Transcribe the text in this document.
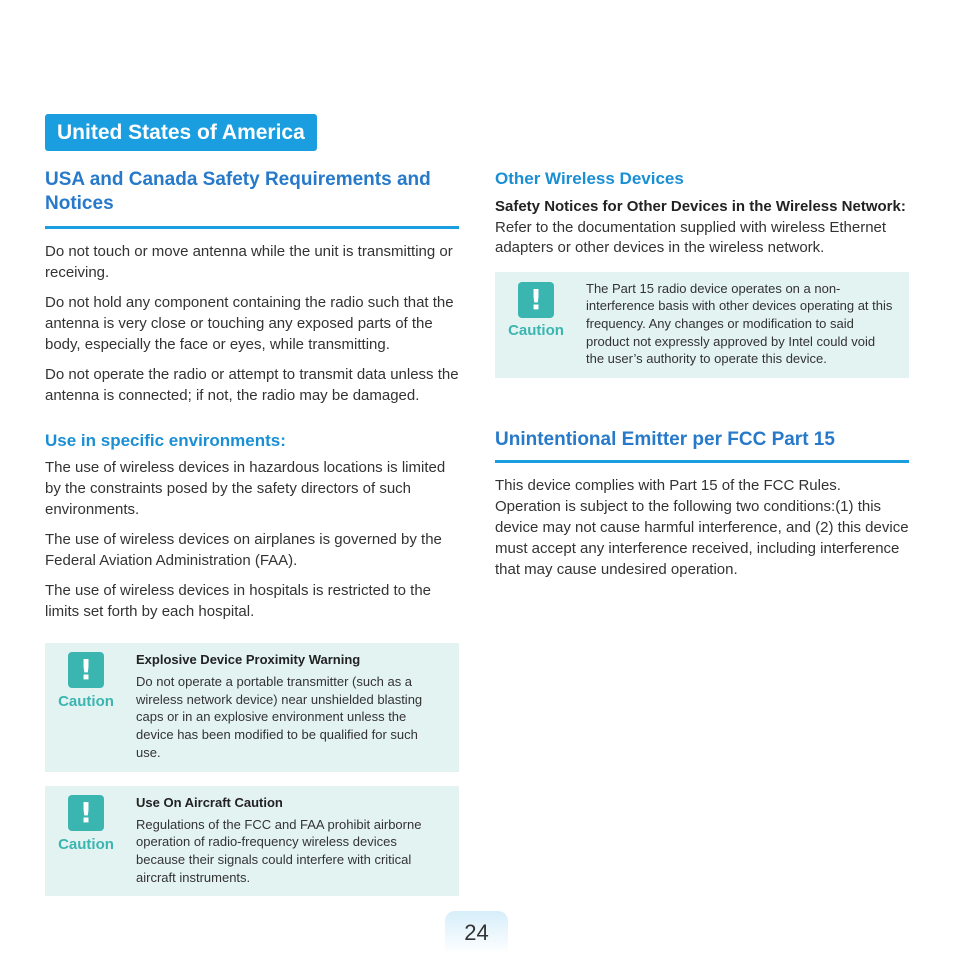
United States of America
USA and Canada Safety Requirements and Notices

Do not touch or move antenna while the unit is transmitting or receiving.

Do not hold any component containing the radio such that the antenna is very close or touching any exposed parts of the body, especially the face or eyes, while transmitting.

Do not operate the radio or attempt to transmit data unless the antenna is connected; if not, the radio may be damaged.

Use in specific environments:

The use of wireless devices in hazardous locations is limited by the constraints posed by the safety directors of such environments.

The use of wireless devices on airplanes is governed by the Federal Aviation Administration (FAA).

The use of wireless devices in hospitals is restricted to the limits set forth by each hospital.

!
Caution
Explosive Device Proximity Warning
Do not operate a portable transmitter (such as a wireless network device) near unshielded blasting caps or in an explosive environment unless the device has been modified to be qualified for such use.
!
Caution
Use On Aircraft Caution
Regulations of the FCC and FAA prohibit airborne operation of radio-frequency wireless devices because their signals could interfere with critical aircraft instruments.
Other Wireless Devices

Safety Notices for Other Devices in the Wireless Network: Refer to the documentation supplied with wireless Ethernet adapters or other devices in the wireless network.

!
Caution
The Part 15 radio device operates on a non-interference basis with other devices operating at this frequency. Any changes or modification to said product not expressly approved by Intel could void the user’s authority to operate this device.
Unintentional Emitter per FCC Part 15

This device complies with Part 15 of the FCC Rules. Operation is subject to the following two conditions:(1) this device may not cause harmful interference, and (2) this device must accept any interference received, including interference that may cause undesired operation.

24
